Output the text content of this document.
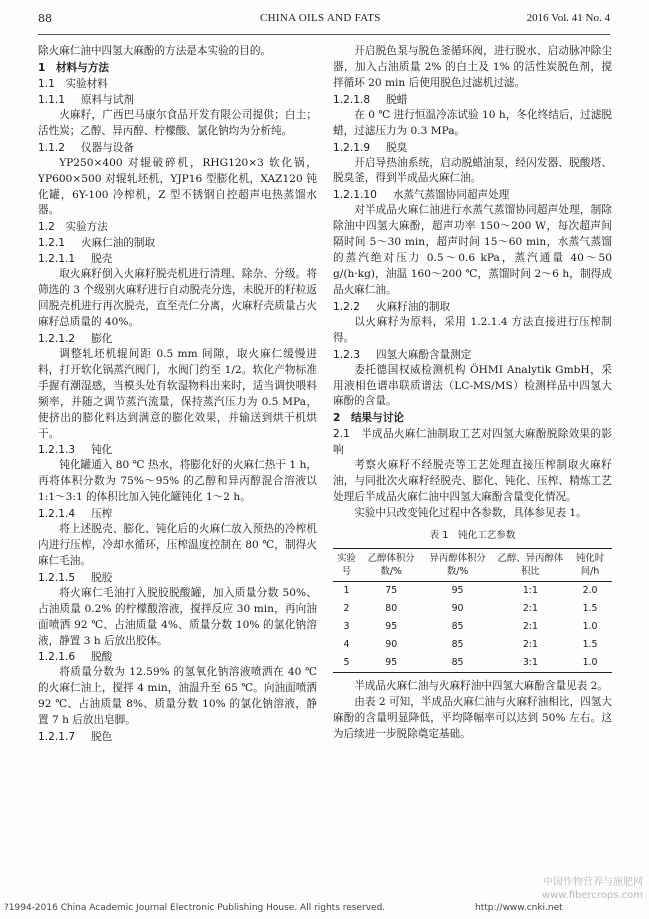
88	CHINA OILS AND FATS	2016 Vol. 41 No. 4

除火麻仁油中四氢大麻酚的方法是本实验的目的。

1　材料与方法
1.1　实验材料
1.1.1 原料与试剂

火麻籽，广西巴马康尔食品开发有限公司提供；白土；活性炭；乙醇、异丙醇、柠檬酸、氯化钠均为分析纯。

1.1.2 仪器与设备

YP250×400 对辊破碎机，RHG120×3 软化锅，YP600×500 对辊轧坯机，YJP16 型膨化机，XAZ120 钝化罐，6Y-100 冷榨机，Z 型不锈钢自控超声电热蒸馏水器。

1.2　实验方法
1.2.1 火麻仁油的制取
1.2.1.1 脱壳

取火麻籽倒入火麻籽脱壳机进行清理、除杂、分级。将筛选的 3 个级别火麻籽进行自动脱壳分选，未脱开的籽粒返回脱壳机进行再次脱壳，直至壳仁分离，火麻籽壳质量占火麻籽总质量的 40%。

1.2.1.2 膨化

调整轧坯机辊间距 0.5 mm 间隙，取火麻仁缓慢进料，打开软化锅蒸汽阀门，水阀门约至 1/2。软化产物标准手握有潮湿感，当模头处有软湿物料出来时，适当调快喂料频率，并随之调节蒸汽流量，保持蒸汽压力为 0.5 MPa，使挤出的膨化料达到满意的膨化效果，并输送到烘干机烘干。

1.2.1.3 钝化

钝化罐通入 80 ℃ 热水，将膨化好的火麻仁热干 1 h，再将体积分数为 75%～95% 的乙醇和异丙醇混合溶液以 1:1～3:1 的体积比加入钝化罐钝化 1～2 h。

1.2.1.4 压榨

将上述脱壳、膨化、钝化后的火麻仁放入预热的冷榨机内进行压榨，冷却水循环，压榨温度控制在 80 ℃，制得火麻仁毛油。

1.2.1.5 脱胶

将火麻仁毛油打入脱胶脱酸罐，加入质量分数 50%、占油质量 0.2% 的柠檬酸溶液，搅拌反应 30 min，再向油面喷洒 92 ℃、占油质量 4%、质量分数 10% 的氯化钠溶液，静置 3 h 后放出胶体。

1.2.1.6 脱酸

将质量分数为 12.59% 的氢氧化钠溶液喷洒在 40 ℃ 的火麻仁油上，搅拌 4 min，油温升至 65 ℃。向油面喷洒 92 ℃、占油质量 8%、质量分数 10% 的氯化钠溶液，静置 7 h 后放出皂脚。

1.2.1.7 脱色

开启脱色泵与脱色釜循环阀，进行脱水、启动脉冲除尘器，加入占油质量 2% 的白土及 1% 的活性炭脱色剂，搅拌循环 20 min 后使用脱色过滤机过滤。

1.2.1.8 脱蜡

在 0 ℃ 进行恒温冷冻试验 10 h，冬化终结后，过滤脱蜡，过滤压力为 0.3 MPa。

1.2.1.9 脱臭

开启导热油系统，启动脱蜡油泵，经闪发器、脱酸塔、脱臭釜，得到半成品火麻仁油。

1.2.1.10 水蒸气蒸馏协同超声处理

对半成品火麻仁油进行水蒸气蒸馏协同超声处理，制除除油中四氢大麻酚，超声功率 150～200 W，每次超声间隔时间 5～30 min，超声时间 15～60 min，水蒸气蒸馏的蒸汽绝对压力 0.5～0.6 kPa，蒸汽通量 40～50 g/(h·kg)，油温 160～200 ℃，蒸馏时间 2～6 h，制得成品火麻仁油。

1.2.2 火麻籽油的制取

以火麻籽为原料，采用 1.2.1.4 方法直接进行压榨制得。

1.2.3 四氢大麻酚含量测定

委托德国权威检测机构 ÖHMI Analytik GmbH，采用液相色谱串联质谱法（LC-MS/MS）检测样品中四氢大麻酚的含量。

2　结果与讨论
2.1　半成品火麻仁油制取工艺对四氢大麻酚脱除效果的影响

考察火麻籽不经脱壳等工艺处理直接压榨制取火麻籽油，与同批次火麻籽经脱壳、膨化、钝化、压榨、精炼工艺处理后半成品火麻仁油中四氢大麻酚含量变化情况。

实验中只改变钝化过程中各参数，具体参见表 1。

表 1　钝化工艺参数
实验号	乙醇体积分数/%	异丙醇体积分数/%	乙醇、异丙醇体积比	钝化时间/h
1	75	95	1:1	2.0
2	80	90	2:1	1.5
3	95	85	2:1	1.0
4	90	85	2:1	1.5
5	95	85	3:1	1.0

半成品火麻仁油与火麻籽油中四氢大麻酚含量见表 2。

由表 2 可知，半成品火麻仁油与火麻籽油相比，四氢大麻酚的含量明显降低，平均降幅率可以达到 50% 左右。这为后续进一步脱除奠定基础。

中国作物营养与施肥网
www.fibercrops.com
?1994-2016 China Academic Journal Electronic Publishing House. All rights reserved.	http://www.cnki.net
